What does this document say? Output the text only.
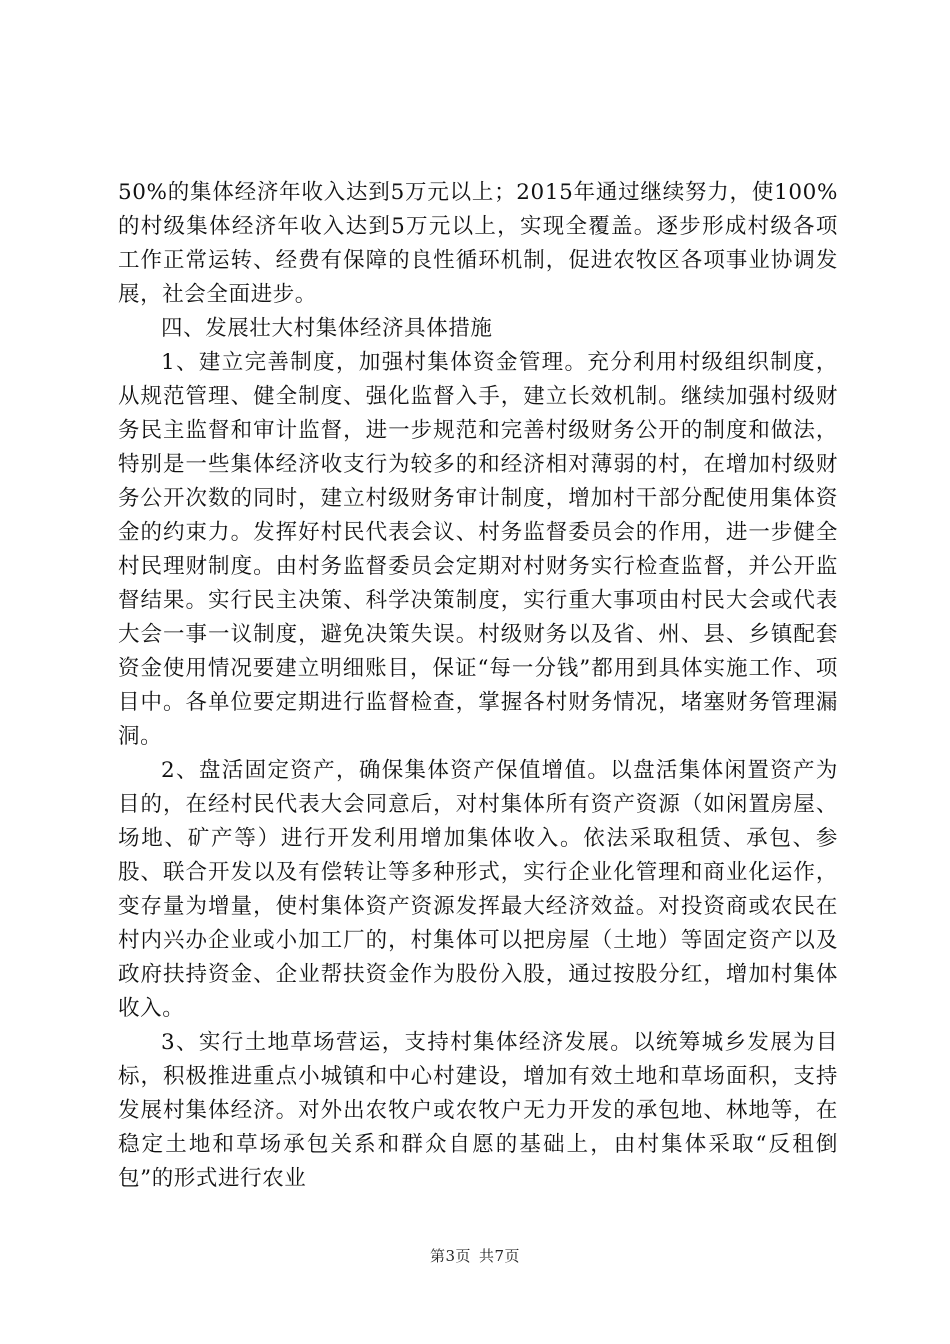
50%的集体经济年收入达到5万元以上；2015年通过继续努力，使100%的村级集体经济年收入达到5万元以上，实现全覆盖。逐步形成村级各项工作正常运转、经费有保障的良性循环机制，促进农牧区各项事业协调发展，社会全面进步。

四、发展壮大村集体经济具体措施

1、建立完善制度，加强村集体资金管理。充分利用村级组织制度，从规范管理、健全制度、强化监督入手，建立长效机制。继续加强村级财务民主监督和审计监督，进一步规范和完善村级财务公开的制度和做法，特别是一些集体经济收支行为较多的和经济相对薄弱的村，在增加村级财务公开次数的同时，建立村级财务审计制度，增加村干部分配使用集体资金的约束力。发挥好村民代表会议、村务监督委员会的作用，进一步健全村民理财制度。由村务监督委员会定期对村财务实行检查监督，并公开监督结果。实行民主决策、科学决策制度，实行重大事项由村民大会或代表大会一事一议制度，避免决策失误。村级财务以及省、州、县、乡镇配套资金使用情况要建立明细账目，保证“每一分钱”都用到具体实施工作、项目中。各单位要定期进行监督检查，掌握各村财务情况，堵塞财务管理漏洞。

2、盘活固定资产，确保集体资产保值增值。以盘活集体闲置资产为目的，在经村民代表大会同意后，对村集体所有资产资源（如闲置房屋、场地、矿产等）进行开发利用增加集体收入。依法采取租赁、承包、参股、联合开发以及有偿转让等多种形式，实行企业化管理和商业化运作，变存量为增量，使村集体资产资源发挥最大经济效益。对投资商或农民在村内兴办企业或小加工厂的，村集体可以把房屋（土地）等固定资产以及政府扶持资金、企业帮扶资金作为股份入股，通过按股分红，增加村集体收入。

3、实行土地草场营运，支持村集体经济发展。以统筹城乡发展为目标，积极推进重点小城镇和中心村建设，增加有效土地和草场面积，支持发展村集体经济。对外出农牧户或农牧户无力开发的承包地、林地等，在稳定土地和草场承包关系和群众自愿的基础上，由村集体采取“反租倒包”的形式进行农业

第3页 共7页
